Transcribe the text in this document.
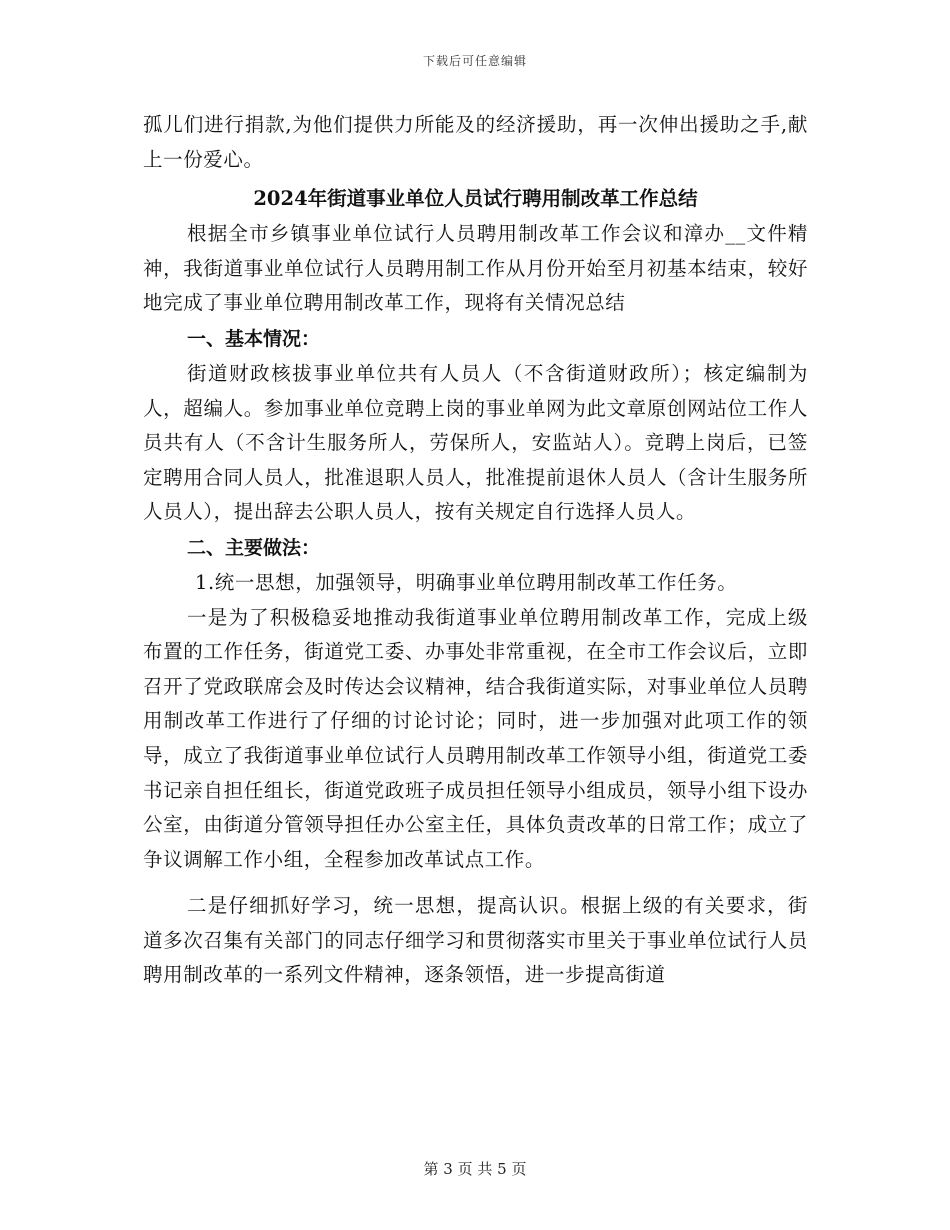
下载后可任意编辑

孤儿们进行捐款,为他们提供力所能及的经济援助，再一次伸出援助之手,献上一份爱心。

2024年街道事业单位人员试行聘用制改革工作总结

根据全市乡镇事业单位试行人员聘用制改革工作会议和漳办__文件精神，我街道事业单位试行人员聘用制工作从月份开始至月初基本结束，较好地完成了事业单位聘用制改革工作，现将有关情况总结

一、基本情况：

街道财政核拔事业单位共有人员人（不含街道财政所）；核定编制为人，超编人。参加事业单位竞聘上岗的事业单网为此文章原创网站位工作人员共有人（不含计生服务所人，劳保所人，安监站人）。竞聘上岗后，已签定聘用合同人员人，批准退职人员人，批准提前退休人员人（含计生服务所人员人），提出辞去公职人员人，按有关规定自行选择人员人。

二、主要做法：

1.统一思想，加强领导，明确事业单位聘用制改革工作任务。

一是为了积极稳妥地推动我街道事业单位聘用制改革工作，完成上级布置的工作任务，街道党工委、办事处非常重视，在全市工作会议后，立即召开了党政联席会及时传达会议精神，结合我街道实际，对事业单位人员聘用制改革工作进行了仔细的讨论讨论；同时，进一步加强对此项工作的领导，成立了我街道事业单位试行人员聘用制改革工作领导小组，街道党工委书记亲自担任组长，街道党政班子成员担任领导小组成员，领导小组下设办公室，由街道分管领导担任办公室主任，具体负责改革的日常工作；成立了争议调解工作小组，全程参加改革试点工作。

二是仔细抓好学习，统一思想，提高认识。根据上级的有关要求，街道多次召集有关部门的同志仔细学习和贯彻落实市里关于事业单位试行人员聘用制改革的一系列文件精神，逐条领悟，进一步提高街道

第 3 页 共 5 页
